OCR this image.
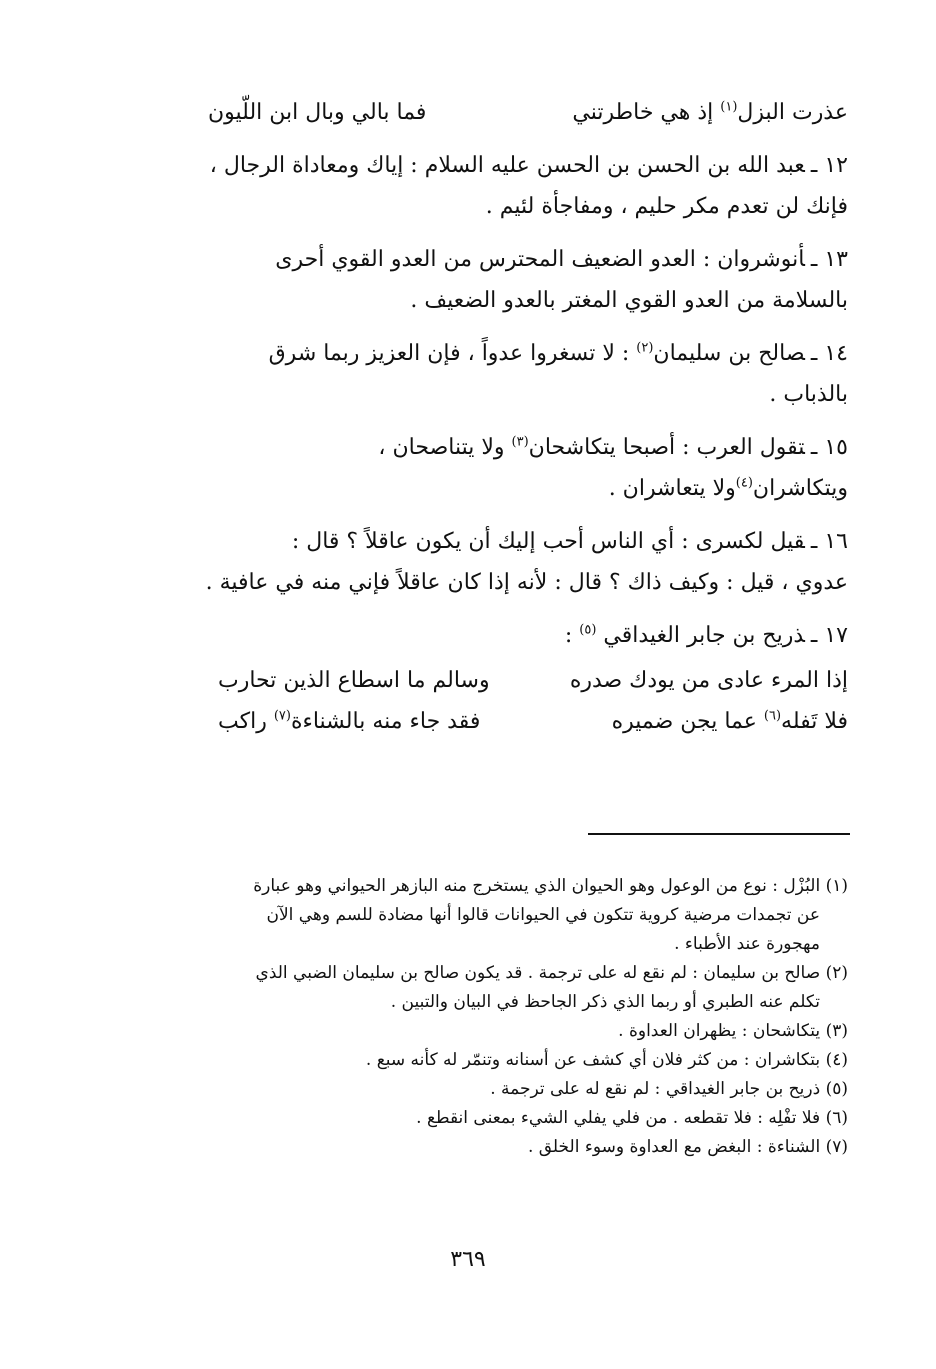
عذرت البزل$^{(١)}$ إذ هي خاطرتني
فما بالي وبال ابن اللّيون

١٢ ـعبد الله بن الحسن بن الحسن عليه السلام : إياك ومعاداة الرجال ،

فإنك لن تعدم مكر حليم ، ومفاجأة لئيم .

١٣ ـأنوشروان : العدو الضعيف المحترس من العدو القوي أحرى

بالسلامة من العدو القوي المغتر بالعدو الضعيف .

١٤ ـصالح بن سليمان$^{(٢)}$ : لا تسغروا عدواً ، فإن العزيز ربما شرق

بالذباب .

١٥ ـتقول العرب : أصبحا يتكاشحان$^{(٣)}$ ولا يتناصحان ،

ويتكاشران$^{(٤)}$ولا يتعاشران .

١٦ ـقيل لكسرى : أي الناس أحب إليك أن يكون عاقلاً ؟ قال :

عدوي ، قيل : وكيف ذاك ؟ قال : لأنه إذا كان عاقلاً فإني منه في عافية .

١٧ ـذريح بن جابر الغيداقي $^{(٥)}$ :

إذا المرء عادى من يودك صدره
وسالم ما اسطاع الذين تحارب
فلا تَفله$^{(٦)}$ عما يجن ضميره
فقد جاء منه بالشناءة$^{(٧)}$ راكب

(١) البُزْل : نوع من الوعول وهو الحيوان الذي يستخرج منه البازهر الحيواني وهو عبارة
عن تجمدات مرضية كروية تتكون في الحيوانات قالوا أنها مضادة للسم وهي الآن
مهجورة عند الأطباء .

(٢) صالح بن سليمان : لم نقع له على ترجمة . قد يكون صالح بن سليمان الضبي الذي
تكلم عنه الطبري أو ربما الذي ذكر الجاحظ في البيان والتبين .

(٣) يتكاشحان : يظهران العداوة .

(٤) بتكاشران : من كثر فلان أي كشف عن أسنانه وتنمّر له كأنه سبع .

(٥) ذريح بن جابر الغيداقي : لم نقع له على ترجمة .

(٦) فلا تفْلِه : فلا تقطعه . من فلي يفلي الشيء بمعنى انقطع .

(٧) الشناءة : البغض مع العداوة وسوء الخلق .

٣٦٩
